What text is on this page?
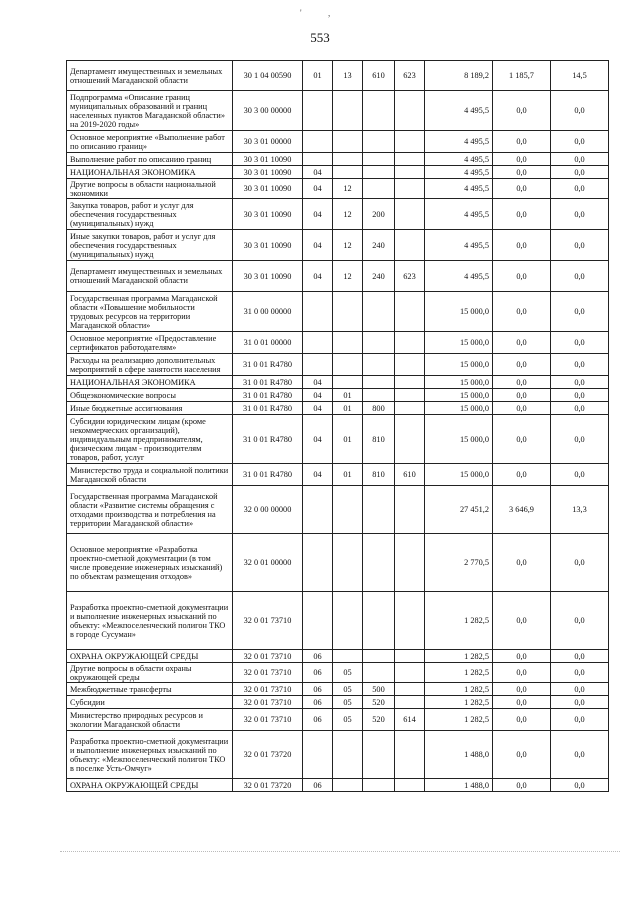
'	,
553
Департамент имущественных и земельных отношений Магаданской области	30 1 04 00590	01	13	610	623	8 189,2	1 185,7	14,5
Подпрограмма «Описание границ муниципальных образований и границ населенных пунктов Магаданской области» на 2019-2020 годы»	30 3 00 00000					4 495,5	0,0	0,0
Основное мероприятие «Выполнение работ по описанию границ»	30 3 01 00000					4 495,5	0,0	0,0
Выполнение работ по описанию границ	30 3 01 10090					4 495,5	0,0	0,0
НАЦИОНАЛЬНАЯ ЭКОНОМИКА	30 3 01 10090	04				4 495,5	0,0	0,0
Другие вопросы в области национальной экономики	30 3 01 10090	04	12			4 495,5	0,0	0,0
Закупка товаров, работ и услуг для обеспечения государственных (муниципальных) нужд	30 3 01 10090	04	12	200		4 495,5	0,0	0,0
Иные закупки товаров, работ и услуг для обеспечения государственных (муниципальных) нужд	30 3 01 10090	04	12	240		4 495,5	0,0	0,0
Департамент имущественных и земельных отношений Магаданской области	30 3 01 10090	04	12	240	623	4 495,5	0,0	0,0
Государственная программа Магаданской области «Повышение мобильности трудовых ресурсов на территории Магаданской области»	31 0 00 00000					15 000,0	0,0	0,0
Основное мероприятие «Предоставление сертификатов работодателям»	31 0 01 00000					15 000,0	0,0	0,0
Расходы на реализацию дополнительных мероприятий в сфере занятости населения	31 0 01 R4780					15 000,0	0,0	0,0
НАЦИОНАЛЬНАЯ ЭКОНОМИКА	31 0 01 R4780	04				15 000,0	0,0	0,0
Общеэкономические вопросы	31 0 01 R4780	04	01			15 000,0	0,0	0,0
Иные бюджетные ассигнования	31 0 01 R4780	04	01	800		15 000,0	0,0	0,0
Субсидии юридическим лицам (кроме некоммерческих организаций), индивидуальным предпринимателям, физическим лицам - производителям товаров, работ, услуг	31 0 01 R4780	04	01	810		15 000,0	0,0	0,0
Министерство труда и социальной политики Магаданской области	31 0 01 R4780	04	01	810	610	15 000,0	0,0	0,0
Государственная программа Магаданской области «Развитие системы обращения с отходами производства и потребления на территории Магаданской области»	32 0 00 00000					27 451,2	3 646,9	13,3
Основное мероприятие «Разработка проектно-сметной документации (в том числе проведение инженерных изысканий) по объектам размещения отходов»	32 0 01 00000					2 770,5	0,0	0,0
Разработка проектно-сметной документации и выполнение инженерных изысканий по объекту: «Межпоселенческий полигон ТКО в городе Сусуман»	32 0 01 73710					1 282,5	0,0	0,0
ОХРАНА ОКРУЖАЮЩЕЙ СРЕДЫ	32 0 01 73710	06				1 282,5	0,0	0,0
Другие вопросы в области охраны окружающей среды	32 0 01 73710	06	05			1 282,5	0,0	0,0
Межбюджетные трансферты	32 0 01 73710	06	05	500		1 282,5	0,0	0,0
Субсидии	32 0 01 73710	06	05	520		1 282,5	0,0	0,0
Министерство природных ресурсов и экологии Магаданской области	32 0 01 73710	06	05	520	614	1 282,5	0,0	0,0
Разработка проектно-сметной документации и выполнение инженерных изысканий по объекту: «Межпоселенческий полигон ТКО в поселке Усть-Омчуг»	32 0 01 73720					1 488,0	0,0	0,0
ОХРАНА ОКРУЖАЮЩЕЙ СРЕДЫ	32 0 01 73720	06				1 488,0	0,0	0,0
